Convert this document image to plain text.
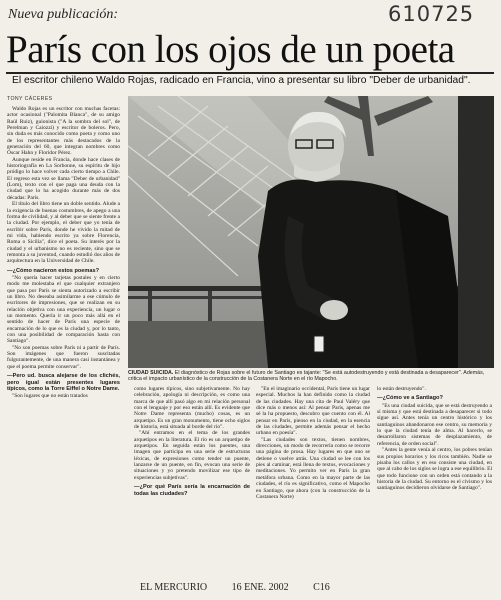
Nueva publicación:	610725
París con los ojos de un poeta
El escritor chileno Waldo Rojas, radicado en Francia, vino a presentar su libro "Deber de urbanidad".
TONY CÁCERES

Waldo Rojas es un escritor con muchas facetas: actor ocasional ("Palomita Blanca", de su amigo Raúl Ruiz), guionista ("A la sombra del sol", de Perelman y Caiozzi) y escritor de boleros. Pero, sin duda es más conocido como poeta y como uno de los representantes más destacados de la generación del 60, que integran nombres como Óscar Hahn y Floridor Pérez.

Aunque reside en Francia, donde hace clases de historiografía en La Sorbonne, su espíritu de hijo pródigo lo hace volver cada cierto tiempo a Chile. El regreso esta vez se llama "Deber de urbanidad" (Lom), texto con el que paga una deuda con la ciudad que lo ha acogido durante más de dos décadas: París.

El título del libro tiene un doble sentido. Alude a la exigencia de buenas costumbres, de apego a una forma de civilidad, y al deber que se siente frente a la ciudad. Por ejemplo, el deber que yo tenía de escribir sobre París, donde he vivido la mitad de mi vida, habiendo escrito ya sobre Florencia, Roma o Sicilia", dice el poeta. Su interés por la ciudad y el urbanismo no es reciente, sino que se remonta a su juventud, cuando estudió dos años de arquitectura en la Universidad de Chile.

—¿Cómo nacieron estos poemas?

"No quería hacer tarjetas postales y en cierto modo me molestaba el que cualquier extranjero que pasa por París se sienta autorizado a escribir un libro. No deseaba asimilarme a ese cúmulo de escritores de impresiones, que se realizan en su relación objetiva con una experiencia, un lugar o un momento. Quería ir un poco más allá en el sentido de hacer de París una especie de encarnación de lo que es la ciudad y, por lo tanto, con una posibilidad de comparación hasta con Santiago".

"No son poemas sobre París ni a partir de París. Son imágenes que fueron suscitadas fulgurantemente, de una manera casi instantánea y que el poema permite conservar".

—Pero ud. busca alejarse de los clichés, pero igual están presentes lugares típicos, como la Torre Eiffel o Notre Dame.

"Son lugares que no están tratados

CIUDAD SUICIDA. El diagnóstico de Rojas sobre el futuro de Santiago es tajante: "Se está autodestruyendo y está destinada a desaparecer". Además, critica el impacto urbanístico de la construcción de la Costanera Norte en el río Mapocho.

como lugares típicos, sino subjetivamente. No hay celebración, apología ni descripción, es como una marca de que allí pasó algo en mi relación personal con el lenguaje y por eso están allí. Es evidente que Notre Dame representa (mucho) cosas, es un arquetipo. Es un gran monumento, tiene ocho siglos de historia, está situada al borde del río".

"Ahí entramos en el tema de los grandes arquetipos en la literatura. El río es un arquetipo de arquetipos. En seguida están los puentes, una imagen que participa en una serie de estructuras léxicas, de expresiones como tender un puente, lanzarse de un puente, en fin, evocan una serie de situaciones y yo pretendo movilizar ese tipo de experiencias subjetivas".

—¿Por qué París sería la encarnación de todas las ciudades?

"En el imaginario occidental, París tiene un lugar especial. Muchos la han definido como la ciudad de las ciudades. Hay una cita de Paul Valéry que dice más o menos así: Al pensar París, apenas me sé la ha propuesto, descubro que cuento con él. Al pensar en París, pienso en la ciudad, en la esencia de las ciudades, permite además pensar el hecho urbano en poesía".

"Las ciudades son textos, tienen nombres, direcciones, un modo de recorrerla como se recorre una página de prosa. Hay lugares en que uno se detiene o vuelve atrás. Una ciudad se lee con los pies al caminar, está llena de textos, evocaciones y meditaciones. Yo permito ver en París la gran metáfora urbana. Como en la mayor parte de las ciudades, el río es significativo, como el Mapocho en Santiago, que ahora (con la construcción de la Costanera Norte)

lo están destruyendo".

—¿Cómo ve a Santiago?

"Es una ciudad suicida, que se está destruyendo a sí misma y que está destinada a desaparecer si todo sigue así. Antes tenía un centro histórico y los santiaguinos abandonaron ese centro, su memoria y lo que la ciudad tenía de alma. Al hacerlo, se desarrollaron sistemas de desplazamiento, de referencia, de orden social".

"Antes la gente venía al centro, los pobres tenían sus propios horarios y los ricos también. Nadie se pisaba los callos y en eso consiste una ciudad, en que al cabo de los siglos se logra a ese equilibrio. El que todo funcione con un orden está contando a la historia de la ciudad. Su entorno es el civismo y los santiaguinos decidieron olvidarse de Santiago".

EL MERCURIO 16 ENE. 2002 C16
